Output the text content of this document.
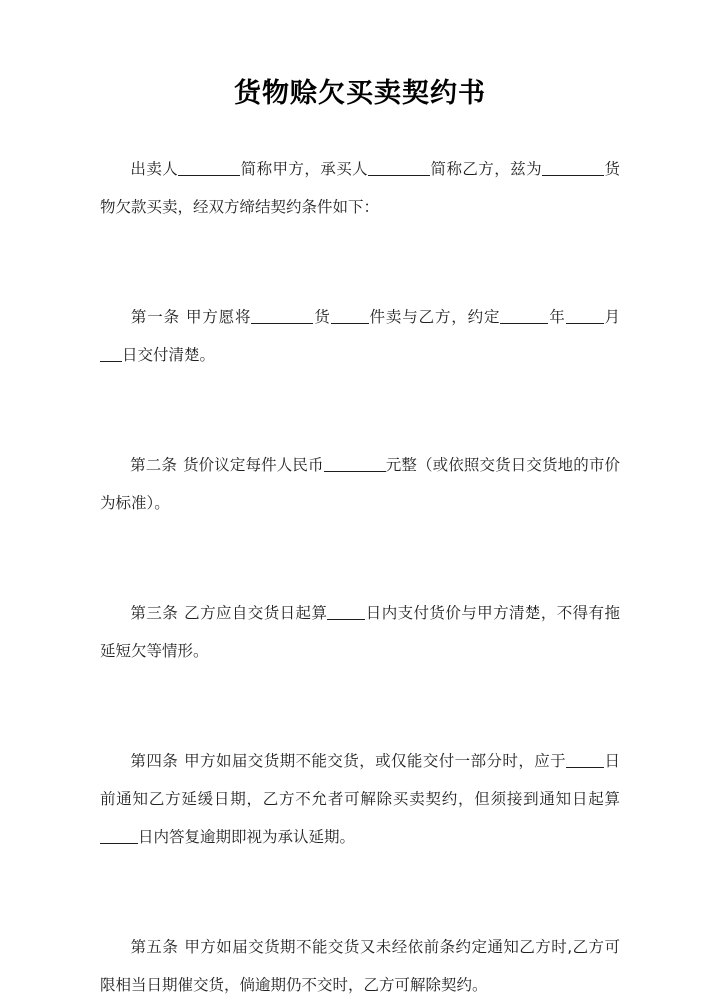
货物赊欠买卖契约书

出卖人	简称甲方，承买人	简称乙方，兹为	货物欠款买卖，经双方缔结契约条件如下：

第一条 甲方愿将	货 件卖与乙方，约定	年 月日交付清楚。

第二条 货价议定每件人民币	元整（或依照交货日交货地的市价为标准）。

第三条 乙方应自交货日起算 日内支付货价与甲方清楚，不得有拖延短欠等情形。

第四条 甲方如届交货期不能交货，或仅能交付一部分时，应于 日前通知乙方延缓日期，乙方不允者可解除买卖契约，但须接到通知日起算日内答复逾期即视为承认延期。

第五条 甲方如届交货期不能交货又未经依前条约定通知乙方时,乙方可限相当日期催交货，倘逾期仍不交时，乙方可解除契约。
